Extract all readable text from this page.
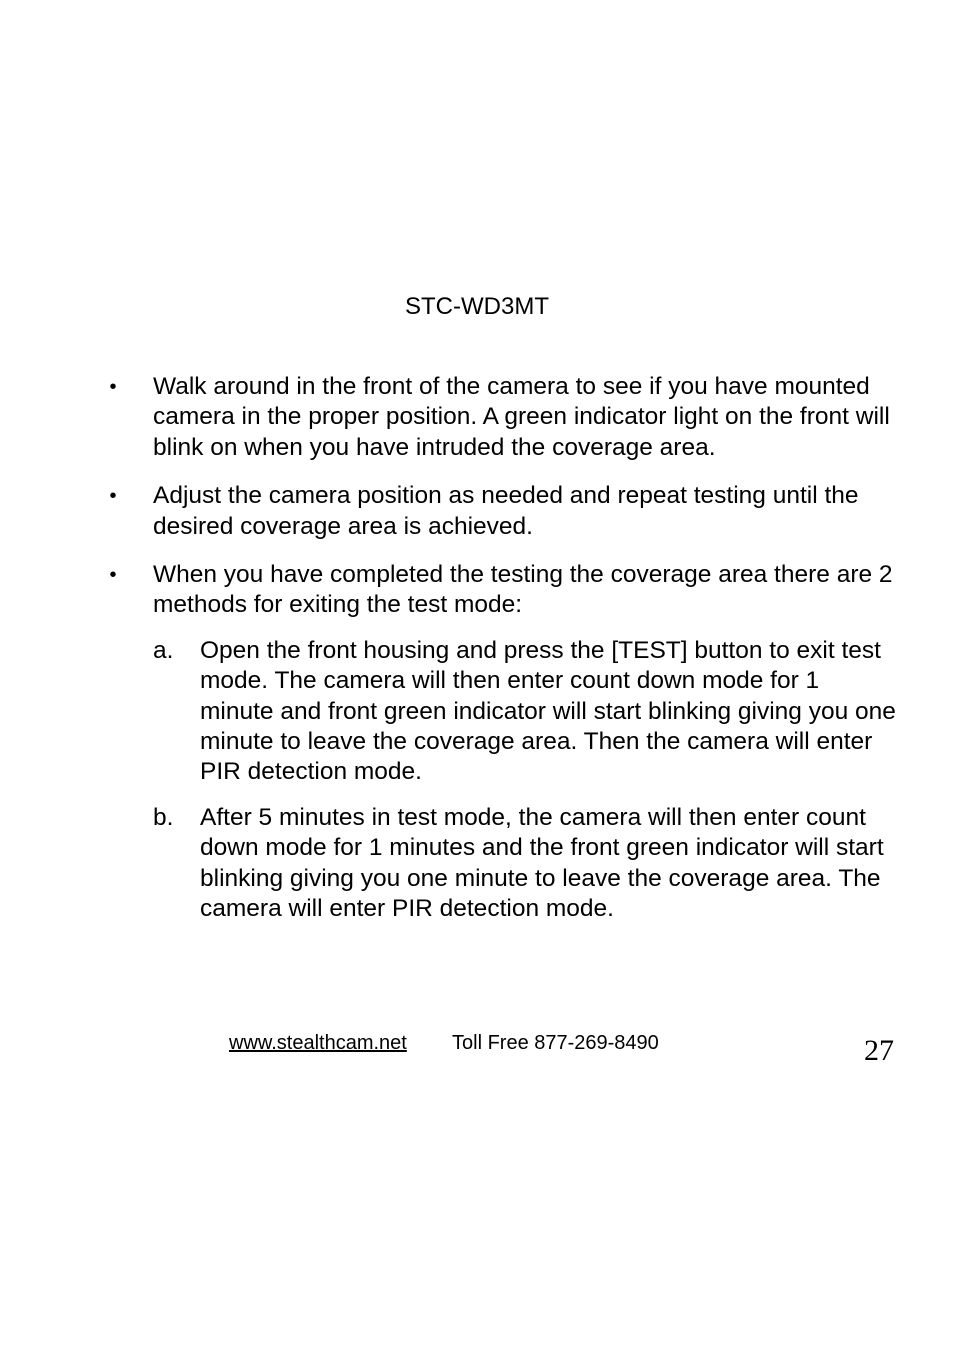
STC-WD3MT
• Walk around in the front of the camera to see if you have mounted camera in the proper position. A green indicator light on the front will blink on when you have intruded the coverage area.
• Adjust the camera position as needed and repeat testing until the desired coverage area is achieved.
• When you have completed the testing the coverage area there are 2 methods for exiting the test mode:
a. Open the front housing and press the [TEST] button to exit test mode. The camera will then enter count down mode for 1 minute and front green indicator will start blinking giving you one minute to leave the coverage area. Then the camera will enter PIR detection mode.
b. After 5 minutes in test mode, the camera will then enter count down mode for 1 minutes and the front green indicator will start blinking giving you one minute to leave the coverage area. The camera will enter PIR detection mode.
www.stealthcam.net Toll Free 877-269-8490	27
